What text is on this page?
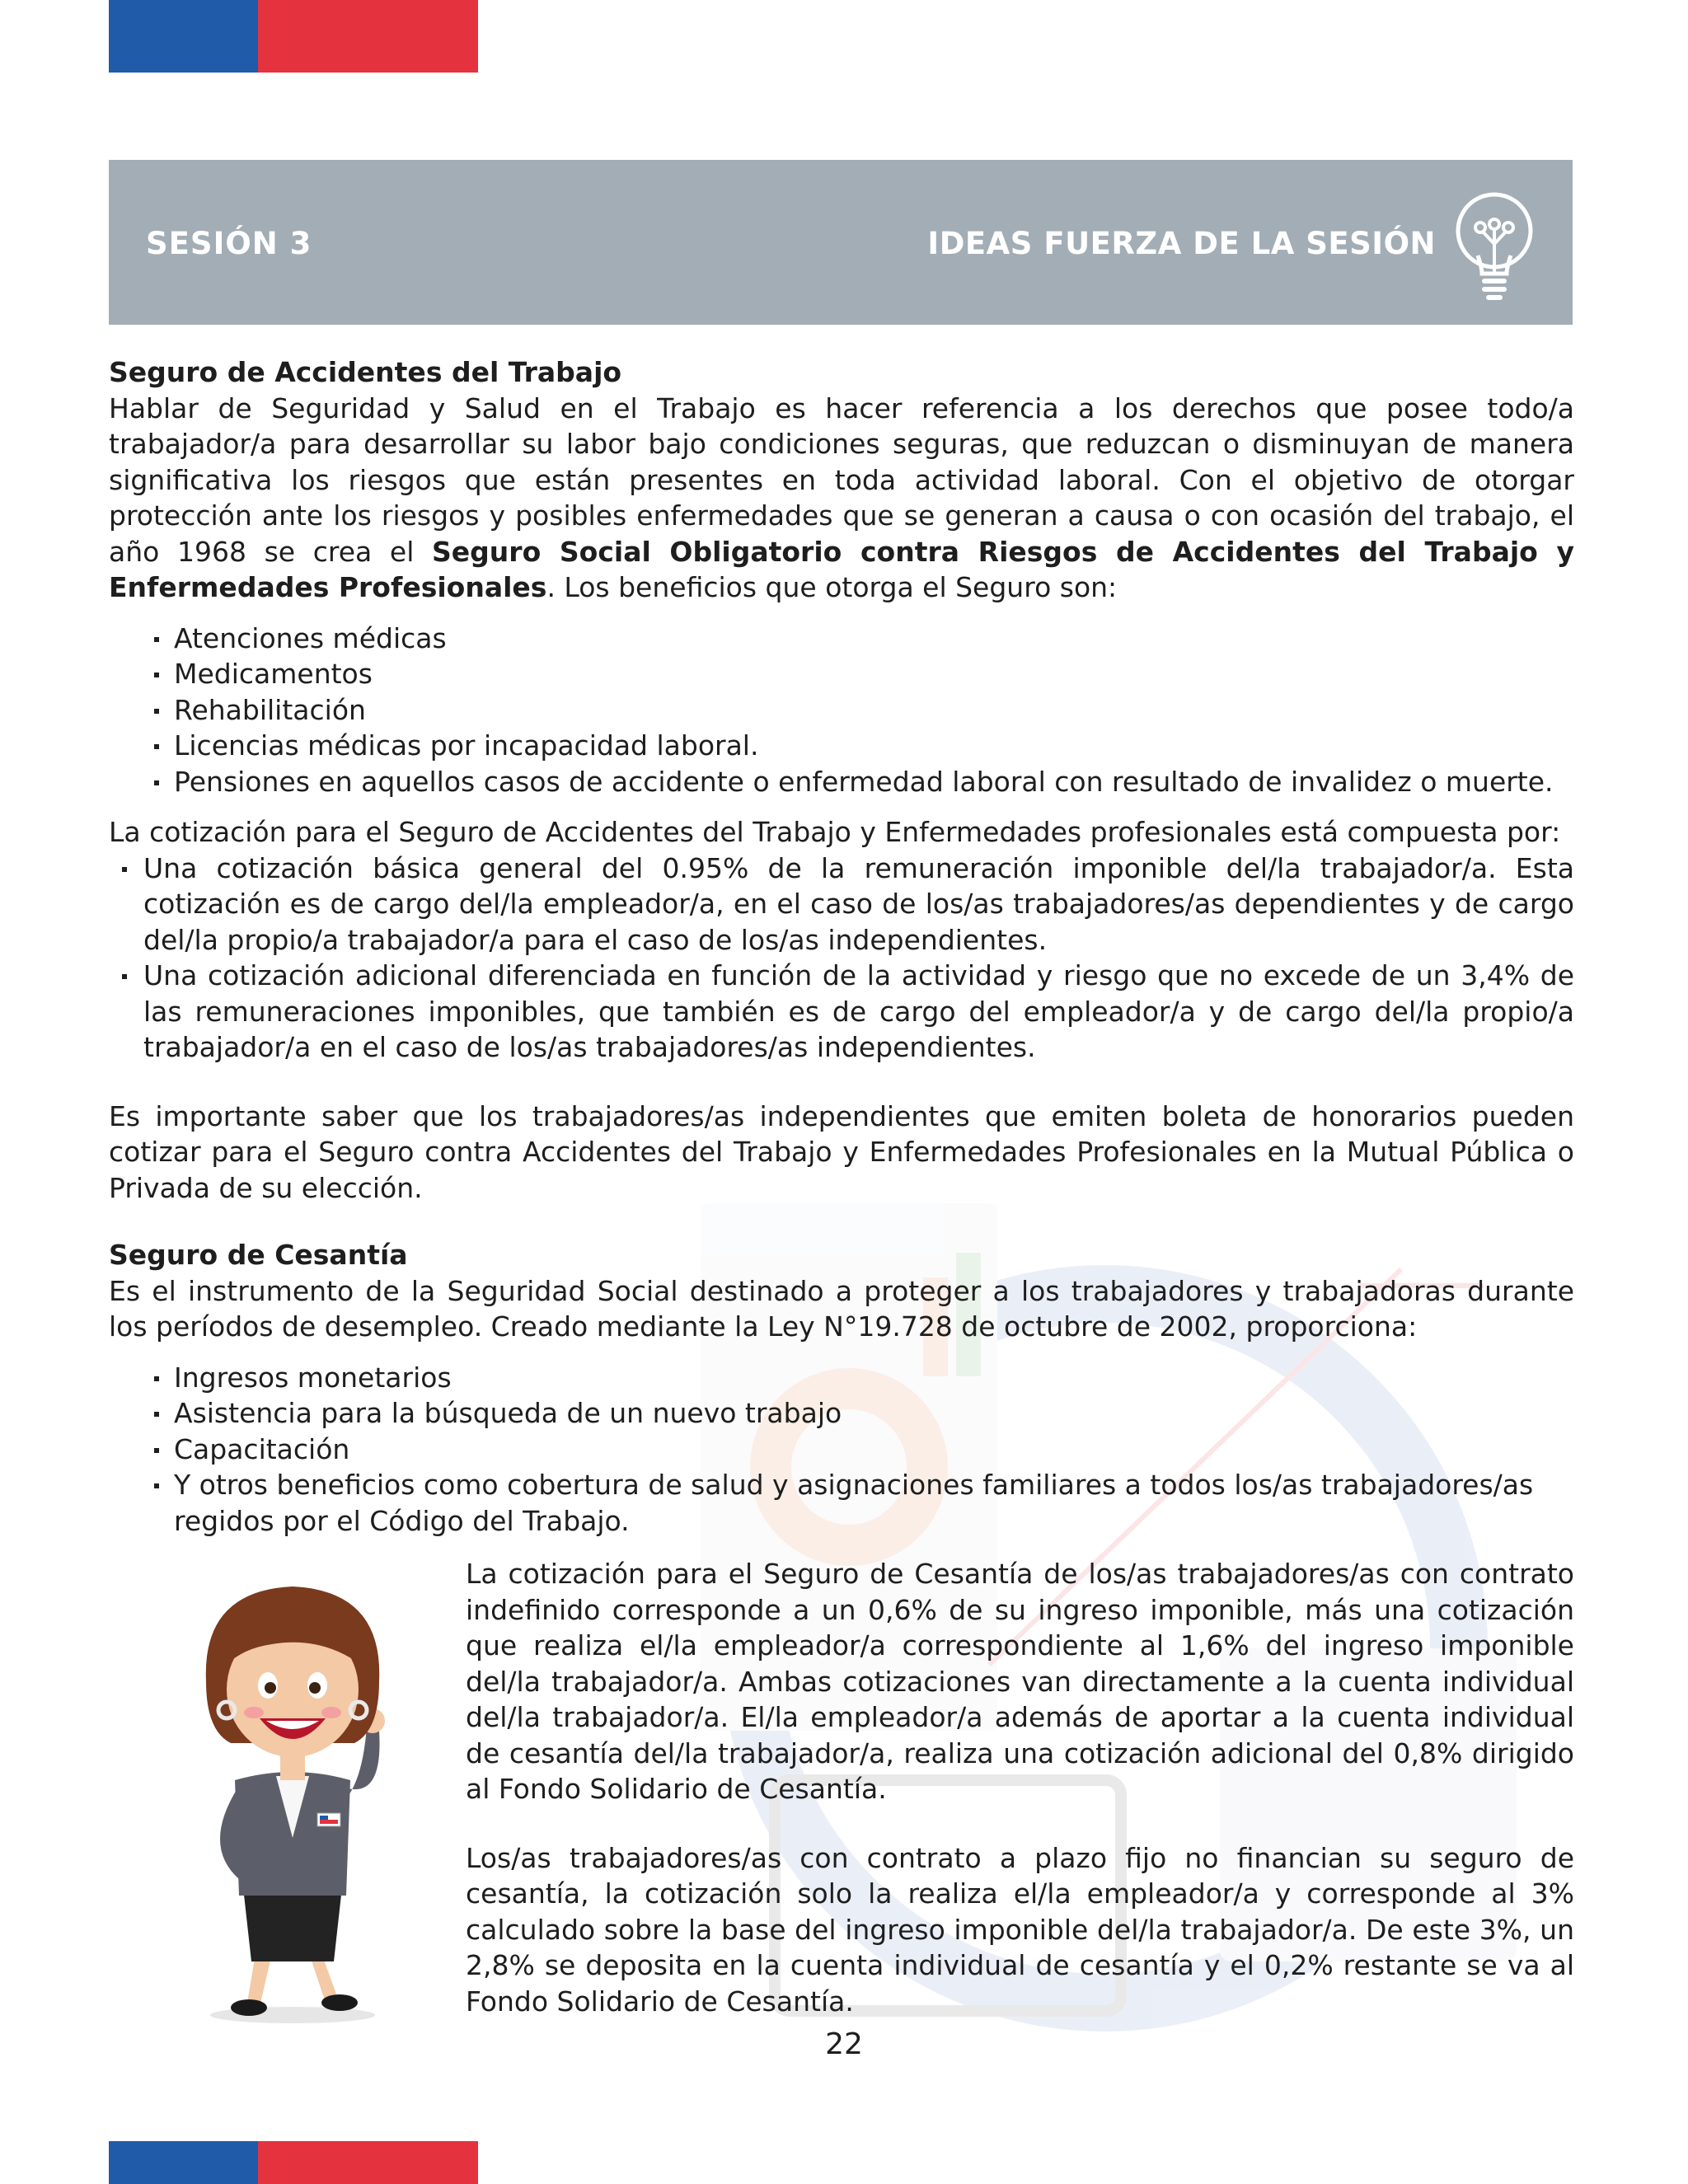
SESIÓN 3	IDEAS FUERZA DE LA SESIÓN

Seguro de Accidentes del Trabajo

Hablar de Seguridad y Salud en el Trabajo es hacer referencia a los derechos que posee todo/a trabajador/a para desarrollar su labor bajo condiciones seguras, que reduzcan o disminuyan de manera significativa los riesgos que están presentes en toda actividad laboral. Con el objetivo de otorgar protección ante los riesgos y posibles enfermedades que se generan a causa o con ocasión del trabajo, el año 1968 se crea el Seguro Social Obligatorio contra Riesgos de Accidentes del Trabajo y Enfermedades Profesionales. Los beneficios que otorga el Seguro son:

Atenciones médicas
Medicamentos
Rehabilitación
Licencias médicas por incapacidad laboral.
Pensiones en aquellos casos de accidente o enfermedad laboral con resultado de invalidez o muerte.

La cotización para el Seguro de Accidentes del Trabajo y Enfermedades profesionales está compuesta por:

Una cotización básica general del 0.95% de la remuneración imponible del/la trabajador/a. Esta cotización es de cargo del/la empleador/a, en el caso de los/as trabajadores/as dependientes y de cargo del/la propio/a trabajador/a para el caso de los/as independientes.
Una cotización adicional diferenciada en función de la actividad y riesgo que no excede de un 3,4% de las remuneraciones imponibles, que también es de cargo del empleador/a y de cargo del/la propio/a trabajador/a en el caso de los/as trabajadores/as independientes.

Es importante saber que los trabajadores/as independientes que emiten boleta de honorarios pueden cotizar para el Seguro contra Accidentes del Trabajo y Enfermedades Profesionales en la Mutual Pública o Privada de su elección.

Seguro de Cesantía

Es el instrumento de la Seguridad Social destinado a proteger a los trabajadores y trabajadoras durante los períodos de desempleo. Creado mediante la Ley N°19.728 de octubre de 2002, proporciona:

Ingresos monetarios
Asistencia para la búsqueda de un nuevo trabajo
Capacitación
Y otros beneficios como cobertura de salud y asignaciones familiares a todos los/as trabajadores/as regidos por el Código del Trabajo.

La cotización para el Seguro de Cesantía de los/as trabajadores/as con contrato indefinido corresponde a un 0,6% de su ingreso imponible, más una cotización que realiza el/la empleador/a correspondiente al 1,6% del ingreso imponible del/la trabajador/a. Ambas cotizaciones van directamente a la cuenta individual del/la trabajador/a. El/la empleador/a además de aportar a la cuenta individual de cesantía del/la trabajador/a, realiza una cotización adicional del 0,8% dirigido al Fondo Solidario de Cesantía.

Los/as trabajadores/as con contrato a plazo fijo no financian su seguro de cesantía, la cotización solo la realiza el/la empleador/a y corresponde al 3% calculado sobre la base del ingreso imponible del/la trabajador/a. De este 3%, un 2,8% se deposita en la cuenta individual de cesantía y el 0,2% restante se va al Fondo Solidario de Cesantía.

22
